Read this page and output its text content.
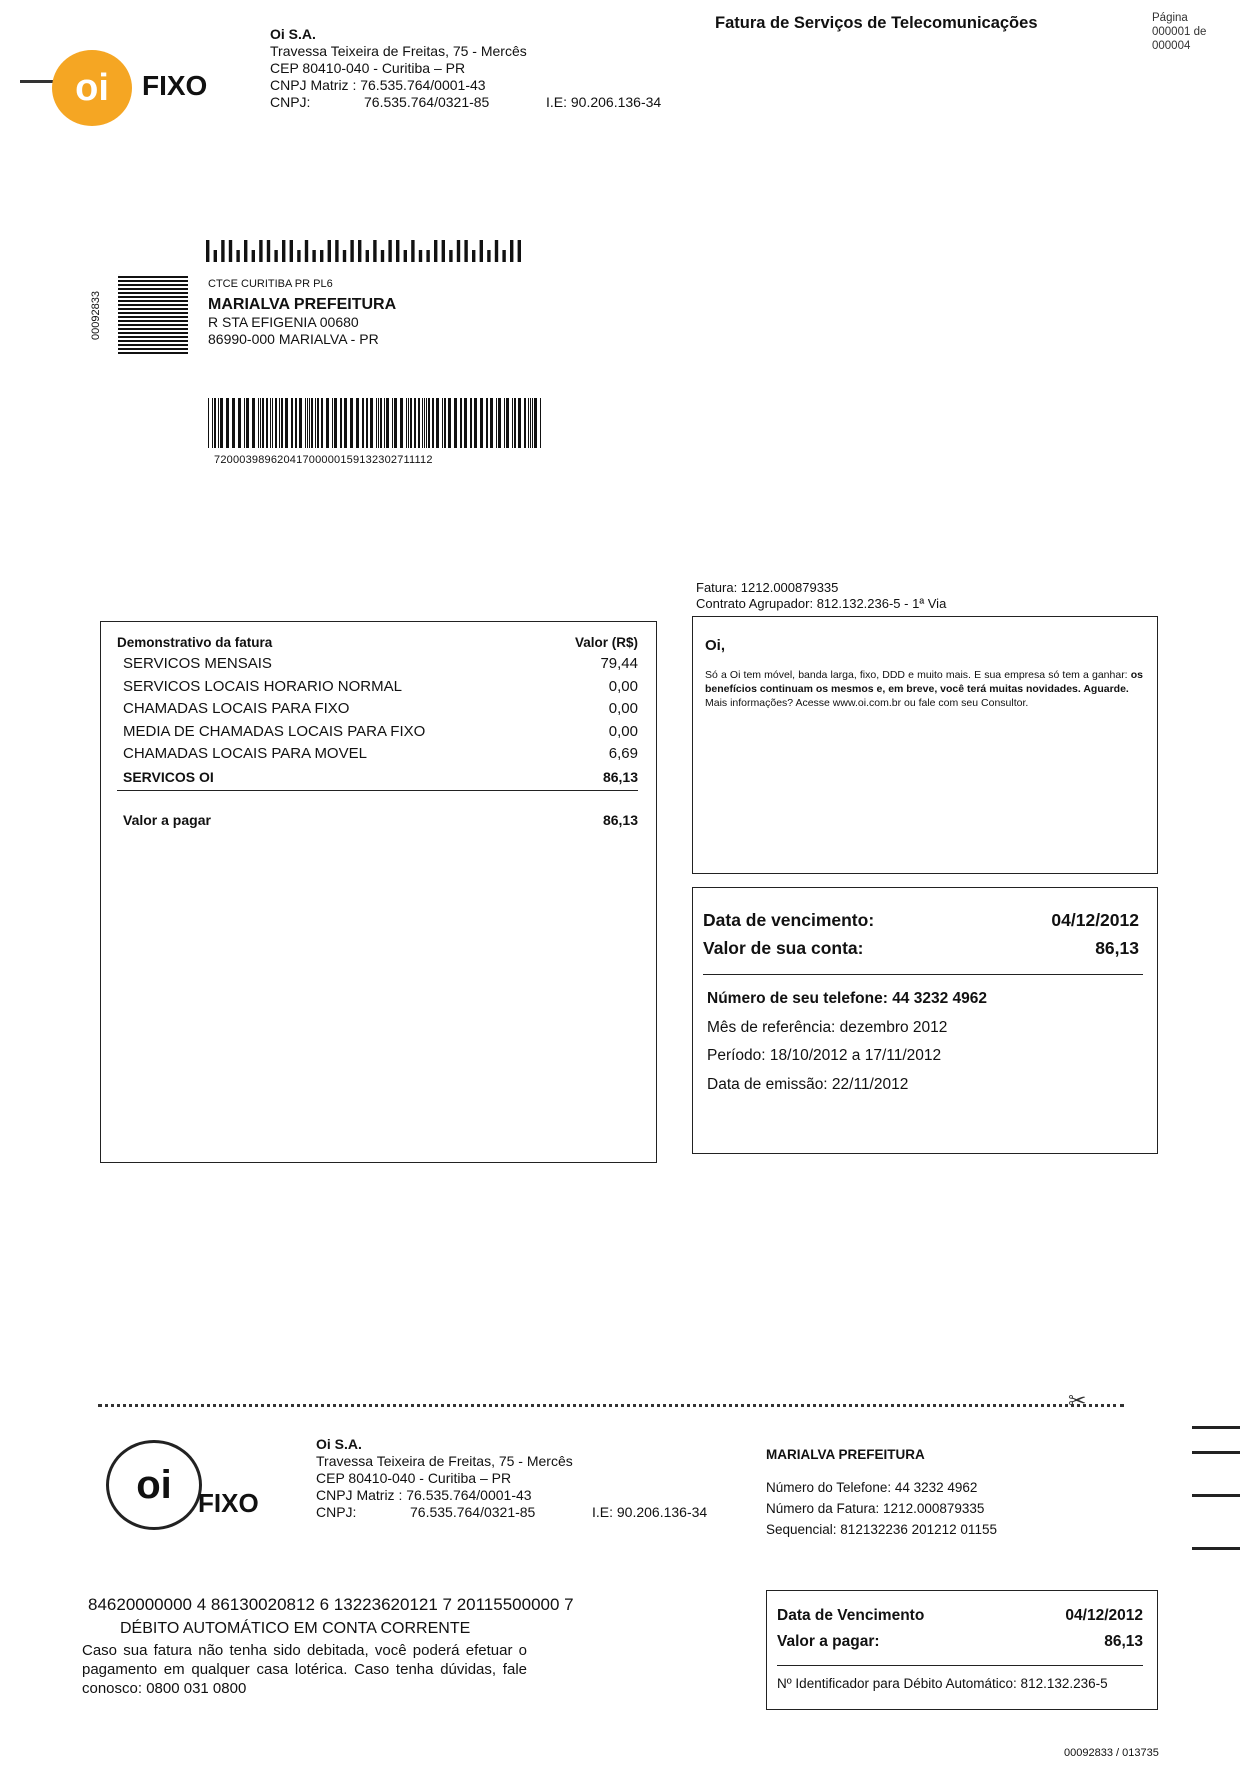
oi FIXO
Oi S.A.
Travessa Teixeira de Freitas, 75 - Mercês
CEP 80410-040 - Curitiba – PR
CNPJ Matriz : 76.535.764/0001-43
CNPJ:	76.535.764/0321-85	I.E: 90.206.136-34
Fatura de Serviços de Telecomunicações	Página
000001 de
000004
00092833
CTCE CURITIBA PR PL6
MARIALVA PREFEITURA
R STA EFIGENIA 00680
86990-000 MARIALVA - PR
72000398962041700000159132302711112
Fatura: 1212.000879335
Contrato Agrupador: 812.132.236-5 - 1ª Via
Demonstrativo da fatura	Valor (R$)
SERVICOS MENSAIS	79,44
SERVICOS LOCAIS HORARIO NORMAL	0,00
CHAMADAS LOCAIS PARA FIXO	0,00
MEDIA DE CHAMADAS LOCAIS PARA FIXO	0,00
CHAMADAS LOCAIS PARA MOVEL	6,69
SERVICOS OI	86,13
Valor a pagar	86,13
Oi,
Só a Oi tem móvel, banda larga, fixo, DDD e muito mais. E sua empresa só tem a ganhar: os benefícios continuam os mesmos e, em breve, você terá muitas novidades. Aguarde.
Mais informações? Acesse www.oi.com.br ou fale com seu Consultor.
Data de vencimento:	04/12/2012
Valor de sua conta:	86,13
Número de seu telefone: 44 3232 4962
Mês de referência: dezembro 2012
Período: 18/10/2012 a 17/11/2012
Data de emissão: 22/11/2012
✂
oi FIXO
Oi S.A.
Travessa Teixeira de Freitas, 75 - Mercês
CEP 80410-040 - Curitiba – PR
CNPJ Matriz : 76.535.764/0001-43
CNPJ:	76.535.764/0321-85	I.E: 90.206.136-34
MARIALVA PREFEITURA
Número do Telefone: 44 3232 4962
Número da Fatura: 1212.000879335
Sequencial: 812132236 201212 01155
84620000000 4 86130020812 6 13223620121 7 20115500000 7
DÉBITO AUTOMÁTICO EM CONTA CORRENTE
Caso sua fatura não tenha sido debitada, você poderá efetuar o pagamento em qualquer casa lotérica. Caso tenha dúvidas, fale conosco: 0800 031 0800
Data de Vencimento	04/12/2012
Valor a pagar:	86,13
Nº Identificador para Débito Automático: 812.132.236-5
00092833 / 013735
